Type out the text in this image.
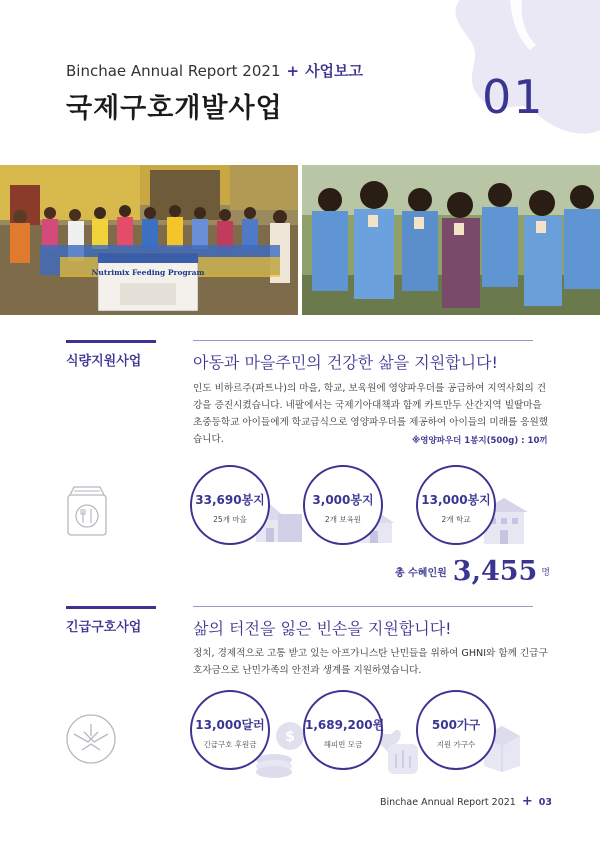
Binchae Annual Report 2021 + 사업보고
국제구호개발사업	01
Nutrimix Feeding Program
식량지원사업	아동과 마을주민의 건강한 삶을 지원합니다!
인도 비하르주(파트나)의 마을, 학교, 보육원에 영양파우더를 공급하여 지역사회의 건강을 증진시켰습니다. 네팔에서는 국제기아대책과 함께 카트만두 산간지역 빌딸마을 초중등학교 아이들에게 학교급식으로 영양파우더를 제공하여 아이들의 미래를 응원했습니다.	※영양파우더 1봉지(500g) : 10끼
33,690봉지
25개 마을
3,000봉지
2개 보육원
13,000봉지
2개 학교
총 수혜인원 3,455 명
긴급구호사업	삶의 터전을 잃은 빈손을 지원합니다!
정치, 경제적으로 고통 받고 있는 아프가니스탄 난민들을 위하여 GHNI와 함께 긴급구호자금으로 난민가족의 안전과 생계를 지원하였습니다.
$
13,000달러
긴급구호 후원금
1,689,200원
해피빈 모금
500가구
지원 가구수
Binchae Annual Report 2021 + 03
